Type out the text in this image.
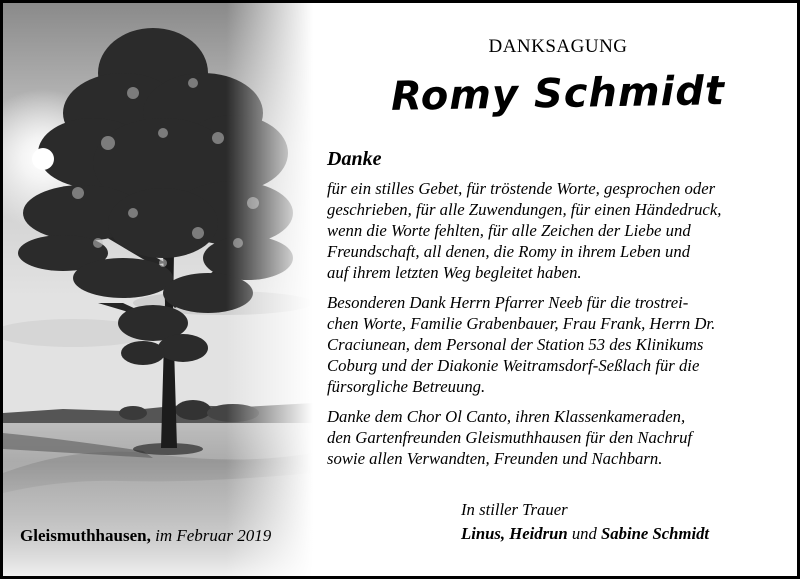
Gleismuthhausen, im Februar 2019
DANKSAGUNG
Romy Schmidt
Danke

für ein stilles Gebet, für tröstende Worte, gesprochen oder
geschrieben, für alle Zuwendungen, für einen Händedruck,
wenn die Worte fehlten, für alle Zeichen der Liebe und
Freundschaft, all denen, die Romy in ihrem Leben und
auf ihrem letzten Weg begleitet haben.

Besonderen Dank Herrn Pfarrer Neeb für die trostrei-
chen Worte, Familie Grabenbauer, Frau Frank, Herrn Dr.
Craciunean, dem Personal der Station 53 des Klinikums
Coburg und der Diakonie Weitramsdorf-Seßlach für die
fürsorgliche Betreuung.

Danke dem Chor Ol Canto, ihren Klassenkameraden,
den Gartenfreunden Gleismuthhausen für den Nachruf
sowie allen Verwandten, Freunden und Nachbarn.

In stiller Trauer
Linus, Heidrun und Sabine Schmidt
